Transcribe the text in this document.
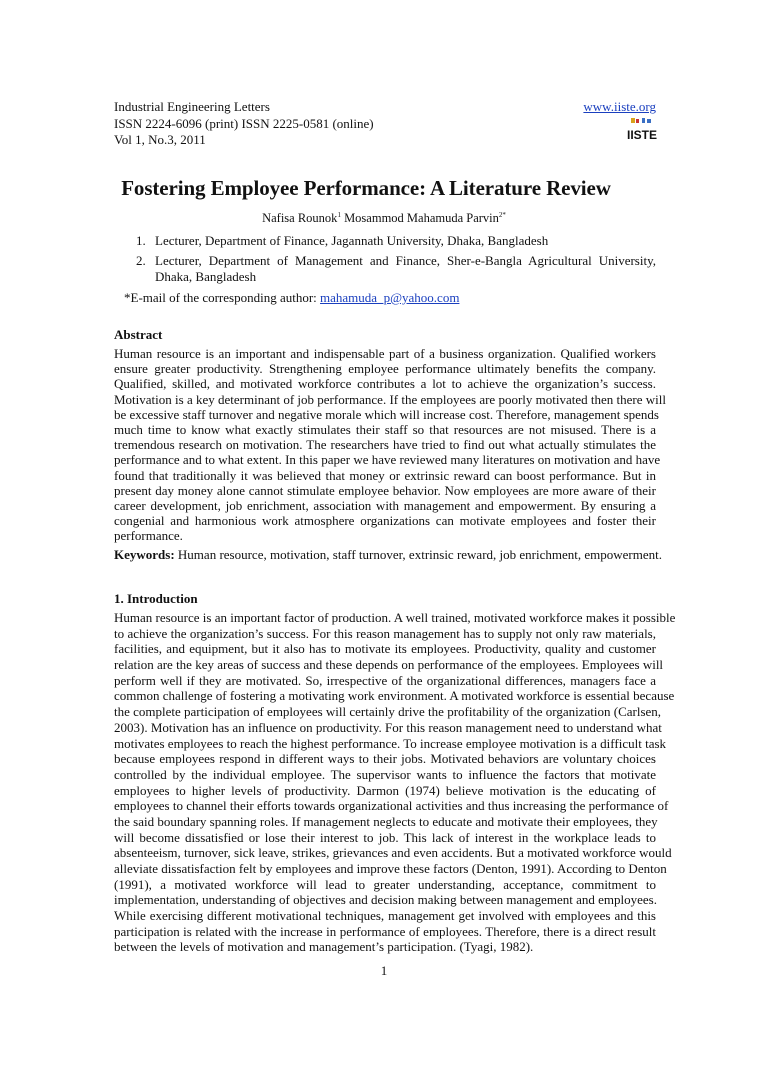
Industrial Engineering Letters
ISSN 2224-6096 (print) ISSN 2225-0581 (online)
Vol 1, No.3, 2011
www.iiste.org
IISTE
Fostering Employee Performance: A Literature Review
Nafisa Rounok$^1$ Mosammod Mahamuda Parvin$^{2*}$
1. Lecturer, Department of Finance, Jagannath University, Dhaka, Bangladesh
2. Lecturer, Department of Management and Finance, Sher-e-Bangla Agricultural University, Dhaka, Bangladesh
*E-mail of the corresponding author: mahamuda_p@yahoo.com
Abstract
Human resource is an important and indispensable part of a business organization. Qualified workers
ensure greater productivity. Strengthening employee performance ultimately benefits the company.
Qualified, skilled, and motivated workforce contributes a lot to achieve the organization’s success.
Motivation is a key determinant of job performance. If the employees are poorly motivated then there will
be excessive staff turnover and negative morale which will increase cost. Therefore, management spends
much time to know what exactly stimulates their staff so that resources are not misused. There is a
tremendous research on motivation. The researchers have tried to find out what actually stimulates the
performance and to what extent. In this paper we have reviewed many literatures on motivation and have
found that traditionally it was believed that money or extrinsic reward can boost performance. But in
present day money alone cannot stimulate employee behavior. Now employees are more aware of their
career development, job enrichment, association with management and empowerment. By ensuring a
congenial and harmonious work atmosphere organizations can motivate employees and foster their
performance.
Keywords: Human resource, motivation, staff turnover, extrinsic reward, job enrichment, empowerment.
1. Introduction
Human resource is an important factor of production. A well trained, motivated workforce makes it possible
to achieve the organization’s success. For this reason management has to supply not only raw materials,
facilities, and equipment, but it also has to motivate its employees. Productivity, quality and customer
relation are the key areas of success and these depends on performance of the employees. Employees will
perform well if they are motivated. So, irrespective of the organizational differences, managers face a
common challenge of fostering a motivating work environment. A motivated workforce is essential because
the complete participation of employees will certainly drive the profitability of the organization (Carlsen,
2003). Motivation has an influence on productivity. For this reason management need to understand what
motivates employees to reach the highest performance. To increase employee motivation is a difficult task
because employees respond in different ways to their jobs. Motivated behaviors are voluntary choices
controlled by the individual employee. The supervisor wants to influence the factors that motivate
employees to higher levels of productivity. Darmon (1974) believe motivation is the educating of
employees to channel their efforts towards organizational activities and thus increasing the performance of
the said boundary spanning roles. If management neglects to educate and motivate their employees, they
will become dissatisfied or lose their interest to job. This lack of interest in the workplace leads to
absenteeism, turnover, sick leave, strikes, grievances and even accidents. But a motivated workforce would
alleviate dissatisfaction felt by employees and improve these factors (Denton, 1991). According to Denton
(1991), a motivated workforce will lead to greater understanding, acceptance, commitment to
implementation, understanding of objectives and decision making between management and employees.
While exercising different motivational techniques, management get involved with employees and this
participation is related with the increase in performance of employees. Therefore, there is a direct result
between the levels of motivation and management’s participation. (Tyagi, 1982).
1
